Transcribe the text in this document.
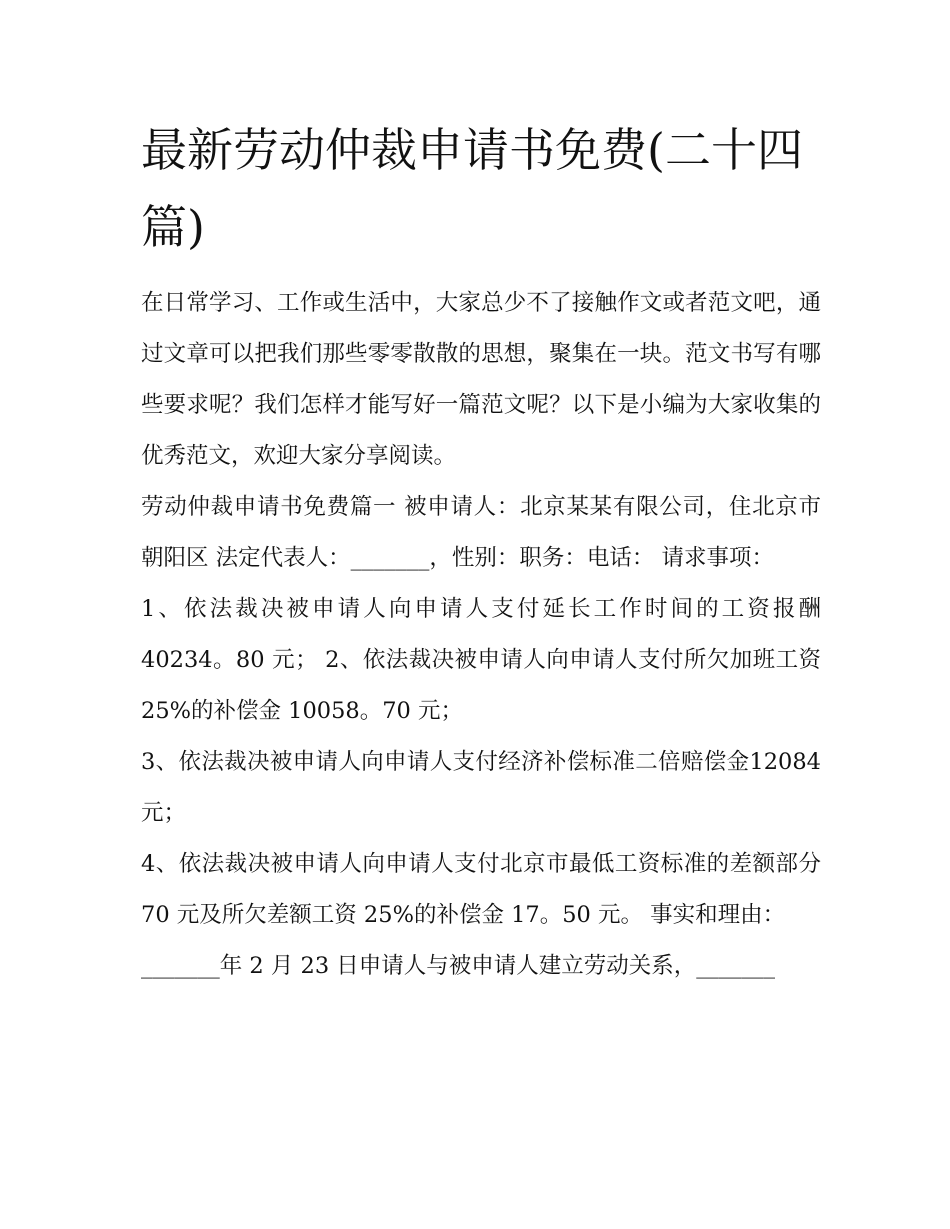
最新劳动仲裁申请书免费(二十四篇)

在日常学习、工作或生活中，大家总少不了接触作文或者范文吧，通过文章可以把我们那些零零散散的思想，聚集在一块。范文书写有哪些要求呢？我们怎样才能写好一篇范文呢？以下是小编为大家收集的优秀范文，欢迎大家分享阅读。

劳动仲裁申请书免费篇一 被申请人：北京某某有限公司，住北京市朝阳区 法定代表人：_______，性别：职务：电话： 请求事项：

1、依法裁决被申请人向申请人支付延长工作时间的工资报酬40234。80 元； 2、依法裁决被申请人向申请人支付所欠加班工资 25%的补偿金 10058。70 元；

3、依法裁决被申请人向申请人支付经济补偿标准二倍赔偿金12084 元；

4、依法裁决被申请人向申请人支付北京市最低工资标准的差额部分 70 元及所欠差额工资 25%的补偿金 17。50 元。 事实和理由：

_______年 2 月 23 日申请人与被申请人建立劳动关系，_______
